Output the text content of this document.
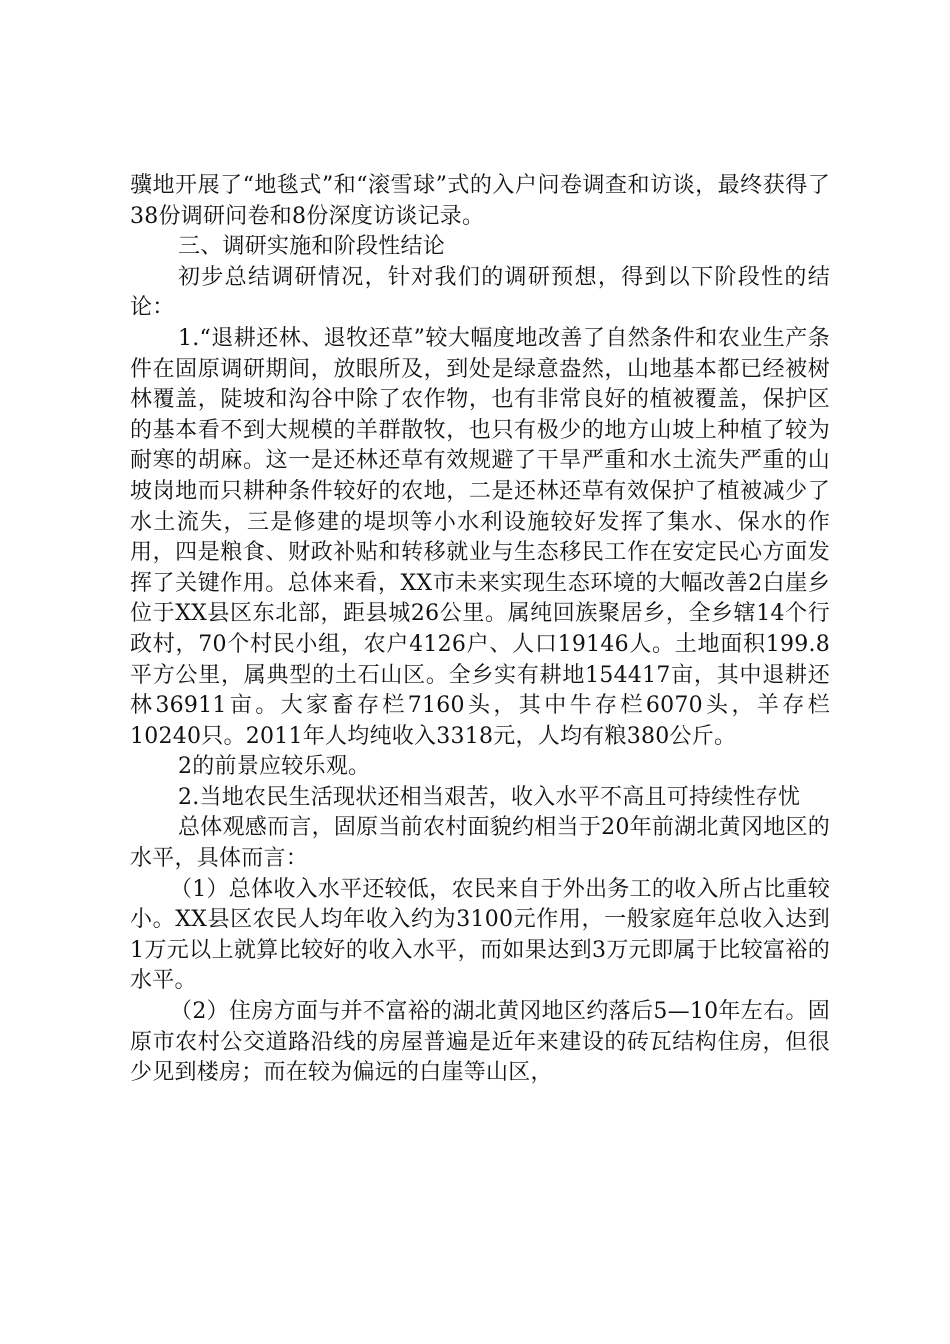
骥地开展了“地毯式”和“滚雪球”式的入户问卷调查和访谈，最终获得了38份调研问卷和8份深度访谈记录。

三、调研实施和阶段性结论

初步总结调研情况，针对我们的调研预想，得到以下阶段性的结论：

1.“退耕还林、退牧还草”较大幅度地改善了自然条件和农业生产条件在固原调研期间，放眼所及，到处是绿意盎然，山地基本都已经被树林覆盖，陡坡和沟谷中除了农作物，也有非常良好的植被覆盖，保护区的基本看不到大规模的羊群散牧，也只有极少的地方山坡上种植了较为耐寒的胡麻。这一是还林还草有效规避了干旱严重和水土流失严重的山坡岗地而只耕种条件较好的农地，二是还林还草有效保护了植被减少了水土流失，三是修建的堤坝等小水利设施较好发挥了集水、保水的作用，四是粮食、财政补贴和转移就业与生态移民工作在安定民心方面发挥了关键作用。总体来看，XX市未来实现生态环境的大幅改善2白崖乡位于XX县区东北部，距县城26公里。属纯回族聚居乡，全乡辖14个行政村，70个村民小组，农户4126户、人口19146人。土地面积199.8平方公里，属典型的土石山区。全乡实有耕地154417亩，其中退耕还林36911亩。大家畜存栏7160头，其中牛存栏6070头，羊存栏10240只。2011年人均纯收入3318元，人均有粮380公斤。

2的前景应较乐观。

2.当地农民生活现状还相当艰苦，收入水平不高且可持续性存忧

总体观感而言，固原当前农村面貌约相当于20年前湖北黄冈地区的水平，具体而言：

（1）总体收入水平还较低，农民来自于外出务工的收入所占比重较小。XX县区农民人均年收入约为3100元作用，一般家庭年总收入达到1万元以上就算比较好的收入水平，而如果达到3万元即属于比较富裕的水平。

（2）住房方面与并不富裕的湖北黄冈地区约落后5—10年左右。固原市农村公交道路沿线的房屋普遍是近年来建设的砖瓦结构住房，但很少见到楼房；而在较为偏远的白崖等山区，
